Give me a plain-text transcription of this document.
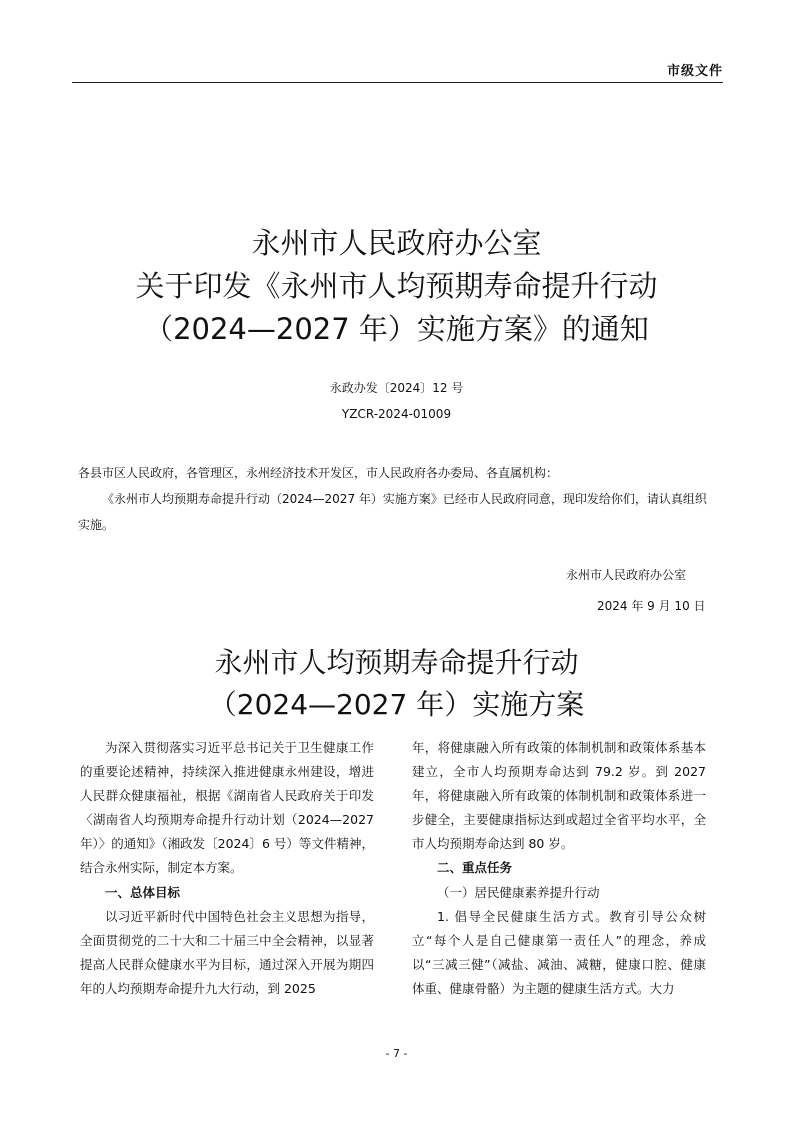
市级文件
永州市人民政府办公室
关于印发《永州市人均预期寿命提升行动
（2024—2027 年）实施方案》的通知
永政办发〔2024〕12 号
YZCR-2024-01009

各县市区人民政府，各管理区，永州经济技术开发区，市人民政府各办委局、各直属机构：

《永州市人均预期寿命提升行动（2024—2027 年）实施方案》已经市人民政府同意，现印发给你们，请认真组织实施。

永州市人民政府办公室
2024 年 9 月 10 日
永州市人均预期寿命提升行动
（2024—2027 年）实施方案

为深入贯彻落实习近平总书记关于卫生健康工作的重要论述精神，持续深入推进健康永州建设，增进人民群众健康福祉，根据《湖南省人民政府关于印发〈湖南省人均预期寿命提升行动计划（2024—2027 年）〉的通知》（湘政发〔2024〕6 号）等文件精神，结合永州实际，制定本方案。

一、总体目标

以习近平新时代中国特色社会主义思想为指导，全面贯彻党的二十大和二十届三中全会精神，以显著提高人民群众健康水平为目标，通过深入开展为期四年的人均预期寿命提升九大行动，到 2025

年，将健康融入所有政策的体制机制和政策体系基本建立，全市人均预期寿命达到 79.2 岁。到 2027 年，将健康融入所有政策的体制机制和政策体系进一步健全，主要健康指标达到或超过全省平均水平，全市人均预期寿命达到 80 岁。

二、重点任务

（一）居民健康素养提升行动

1. 倡导全民健康生活方式。教育引导公众树立“每个人是自己健康第一责任人”的理念，养成以“三减三健”（减盐、减油、减糖，健康口腔、健康体重、健康骨骼）为主题的健康生活方式。大力

- 7 -
